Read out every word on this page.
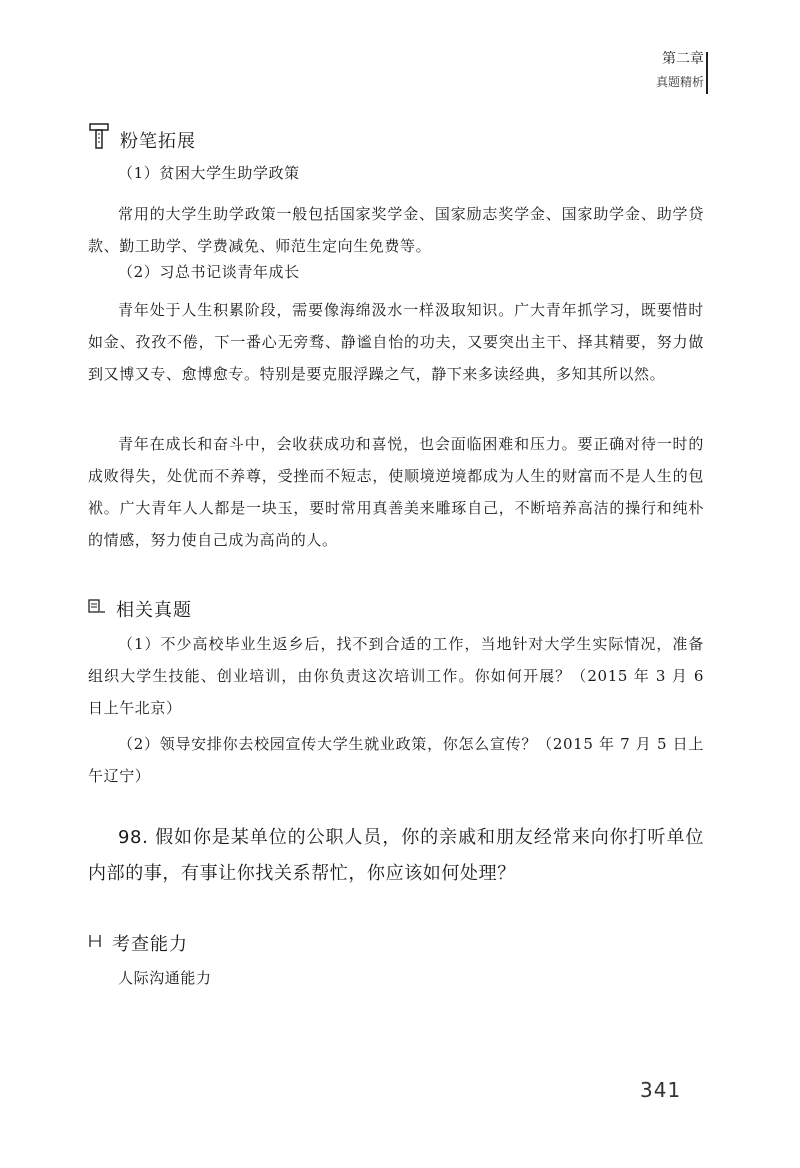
第二章
真题精析
粉笔拓展
（1）贫困大学生助学政策
常用的大学生助学政策一般包括国家奖学金、国家励志奖学金、国家助学金、助学贷款、勤工助学、学费减免、师范生定向生免费等。
（2）习总书记谈青年成长
青年处于人生积累阶段，需要像海绵汲水一样汲取知识。广大青年抓学习，既要惜时如金、孜孜不倦，下一番心无旁骛、静谧自怡的功夫，又要突出主干、择其精要，努力做到又博又专、愈博愈专。特别是要克服浮躁之气，静下来多读经典，多知其所以然。
青年在成长和奋斗中，会收获成功和喜悦，也会面临困难和压力。要正确对待一时的成败得失，处优而不养尊，受挫而不短志，使顺境逆境都成为人生的财富而不是人生的包袱。广大青年人人都是一块玉，要时常用真善美来雕琢自己，不断培养高洁的操行和纯朴的情感，努力使自己成为高尚的人。
相关真题
（1）不少高校毕业生返乡后，找不到合适的工作，当地针对大学生实际情况，准备组织大学生技能、创业培训，由你负责这次培训工作。你如何开展？（2015 年 3 月 6 日上午北京）
（2）领导安排你去校园宣传大学生就业政策，你怎么宣传？（2015 年 7 月 5 日上午辽宁）
98. 假如你是某单位的公职人员，你的亲戚和朋友经常来向你打听单位内部的事，有事让你找关系帮忙，你应该如何处理？
考查能力
人际沟通能力
341
